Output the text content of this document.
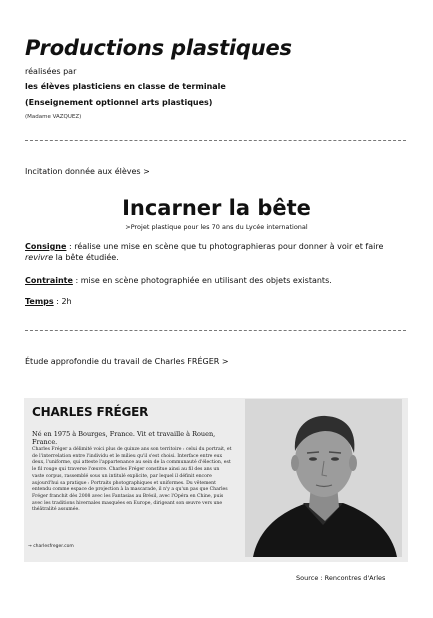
Productions plastiques
réalisées par
les élèves plasticiens en classe de terminale
(Enseignement optionnel arts plastiques)
(Madame VAZQUEZ)
Incitation donnée aux élèves >
Incarner la bête
>Projet plastique pour les 70 ans du Lycée international
Consigne : réalise une mise en scène que tu photographieras pour donner à voir et faire revivre la bête étudiée.
Contrainte : mise en scène photographiée en utilisant des objets existants.
Temps : 2h
Étude approfondie du travail de Charles FRÉGER >
CHARLES FRÉGER
Né en 1975 à Bourges, France. Vit et travaille à Rouen, France.
Charles Fréger a délimité voici plus de quinze ans son territoire : celui du portrait, et de l'interrelation entre l'individu et le milieu qu'il s'est choisi. Interface entre eux deux, l'uniforme, qui atteste l'appartenance au sein de la communauté d'élection, est le fil rouge qui traverse l'œuvre. Charles Fréger constitue ainsi au fil des ans un vaste corpus, rassemblé sous un intitulé explicite, par lequel il définit encore aujourd'hui sa pratique : Portraits photographiques et uniformes. Du vêtement entendu comme espace de projection à la mascarade, il n'y a qu'un pas que Charles Fréger franchit dès 2008 avec les Fantasias au Brésil, avec l'Opéra en Chine, puis avec les traditions hivernales masquées en Europe, dirigeant son œuvre vers une théâtralité assumée.
→ charlesfreger.com
Source : Rencontres d'Arles
